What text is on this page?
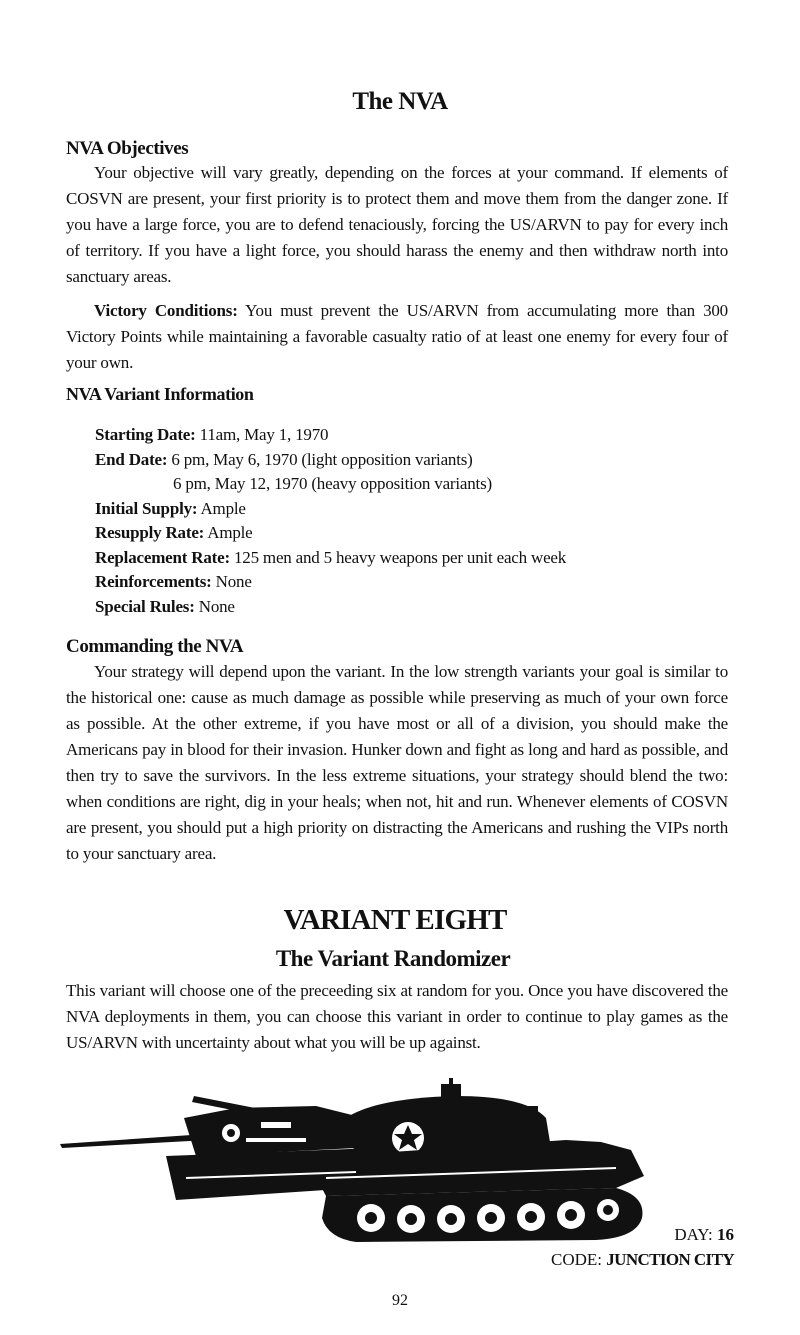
The NVA
NVA Objectives

Your objective will vary greatly, depending on the forces at your command. If elements of COSVN are present, your first priority is to protect them and move them from the danger zone. If you have a large force, you are to defend tenaciously, forcing the US/ARVN to pay for every inch of territory. If you have a light force, you should harass the enemy and then withdraw north into sanctuary areas.

Victory Conditions: You must prevent the US/ARVN from accumulating more than 300 Victory Points while maintaining a favorable casualty ratio of at least one enemy for every four of your own.

NVA Variant Information
Starting Date: 11am, May 1, 1970
End Date: 6 pm, May 6, 1970 (light opposition variants)
6 pm, May 12, 1970 (heavy opposition variants)
Initial Supply: Ample
Resupply Rate: Ample
Replacement Rate: 125 men and 5 heavy weapons per unit each week
Reinforcements: None
Special Rules: None
Commanding the NVA

Your strategy will depend upon the variant. In the low strength variants your goal is similar to the historical one: cause as much damage as possible while preserving as much of your own force as possible. At the other extreme, if you have most or all of a division, you should make the Americans pay in blood for their invasion. Hunker down and fight as long and hard as possible, and then try to save the survivors. In the less extreme situations, your strategy should blend the two: when conditions are right, dig in your heals; when not, hit and run. Whenever elements of COSVN are present, you should put a high priority on distracting the Americans and rushing the VIPs north to your sanctuary area.

VARIANT EIGHT
The Variant Randomizer

This variant will choose one of the preceeding six at random for you. Once you have discovered the NVA deployments in them, you can choose this variant in order to continue to play games as the US/ARVN with uncertainty about what you will be up against.

DAY: 16
CODE: JUNCTION CITY
92
